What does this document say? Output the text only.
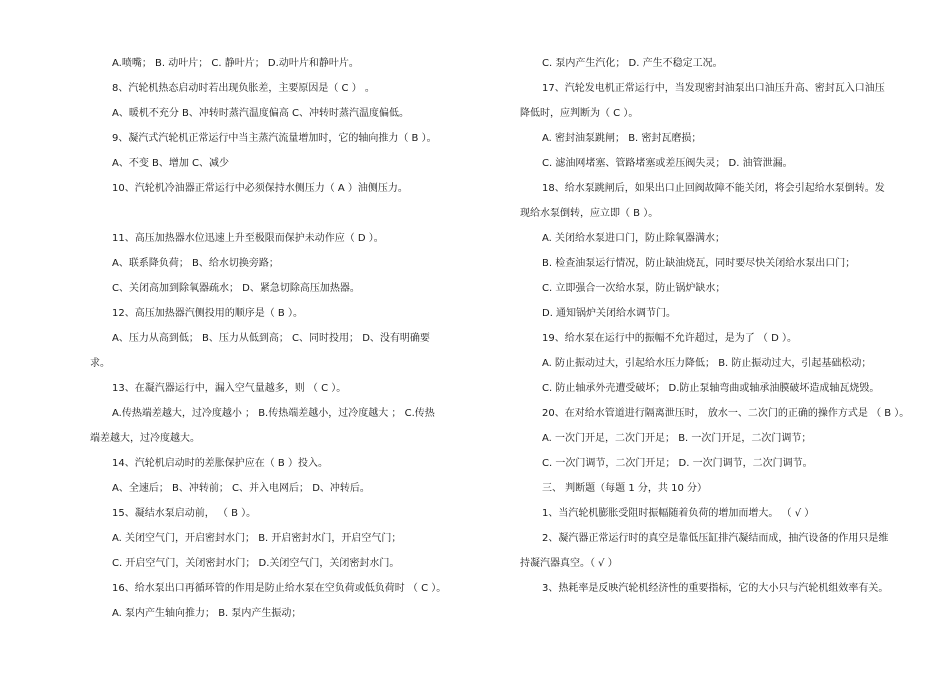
A.喷嘴； B. 动叶片； C. 静叶片； D.动叶片和静叶片。
8、汽轮机热态启动时若出现负胀差，主要原因是（ C ） 。
A、暖机不充分 B、冲转时蒸汽温度偏高 C、冲转时蒸汽温度偏低。
9、凝汽式汽轮机正常运行中当主蒸汽流量增加时，它的轴向推力（ B ）。
A、不变 B、增加 C、减少
10、汽轮机冷油器正常运行中必须保持水侧压力（ A ）油侧压力。
11、高压加热器水位迅速上升至极限而保护未动作应（ D ）。
A、联系降负荷； B、给水切换旁路；
C、关闭高加到除氧器疏水； D、紧急切除高压加热器。
12、高压加热器汽侧投用的顺序是（ B ）。
A、压力从高到低； B、压力从低到高； C、同时投用； D、没有明确要
求。
13、在凝汽器运行中，漏入空气量越多，则 （ C ）。
A.传热端差越大，过冷度越小 ； B.传热端差越小，过冷度越大 ； C.传热
端差越大，过冷度越大。
14、汽轮机启动时的差胀保护应在（ B ）投入。
A、全速后； B、冲转前； C、并入电网后； D、冲转后。
15、凝结水泵启动前， （ B ）。
A. 关闭空气门，开启密封水门； B. 开启密封水门，开启空气门；
C. 开启空气门，关闭密封水门； D.关闭空气门，关闭密封水门。
16、给水泵出口再循环管的作用是防止给水泵在空负荷或低负荷时 （ C ）。
A. 泵内产生轴向推力； B. 泵内产生振动；
C. 泵内产生汽化； D. 产生不稳定工况。
17、汽轮发电机正常运行中，当发现密封油泵出口油压升高、密封瓦入口油压
降低时，应判断为（ C ）。
A. 密封油泵跳闸； B. 密封瓦磨损；
C. 滤油网堵塞、管路堵塞或差压阀失灵； D. 油管泄漏。
18、给水泵跳闸后，如果出口止回阀故障不能关闭，将会引起给水泵倒转。发
现给水泵倒转，应立即（ B ）。
A. 关闭给水泵进口门，防止除氧器满水；
B. 检查油泵运行情况，防止缺油烧瓦，同时要尽快关闭给水泵出口门；
C. 立即强合一次给水泵，防止锅炉缺水；
D. 通知锅炉关闭给水调节门。
19、给水泵在运行中的振幅不允许超过，是为了 （ D ）。
A. 防止振动过大，引起给水压力降低； B. 防止振动过大，引起基础松动；
C. 防止轴承外壳遭受破坏； D.防止泵轴弯曲或轴承油膜破坏造成轴瓦烧毁。
20、在对给水管道进行隔离泄压时， 放水一、二次门的正确的操作方式是 （ B ）。
A. 一次门开足，二次门开足； B. 一次门开足，二次门调节；
C. 一次门调节，二次门开足； D. 一次门调节，二次门调节。
三、 判断题（每题 1 分，共 10 分）
1、当汽轮机膨胀受阻时振幅随着负荷的增加而增大。 （ √ ）
2、凝汽器正常运行时的真空是靠低压缸排汽凝结而成，抽汽设备的作用只是维
持凝汽器真空。（ √ ）
3、热耗率是反映汽轮机经济性的重要指标，它的大小只与汽轮机组效率有关。
